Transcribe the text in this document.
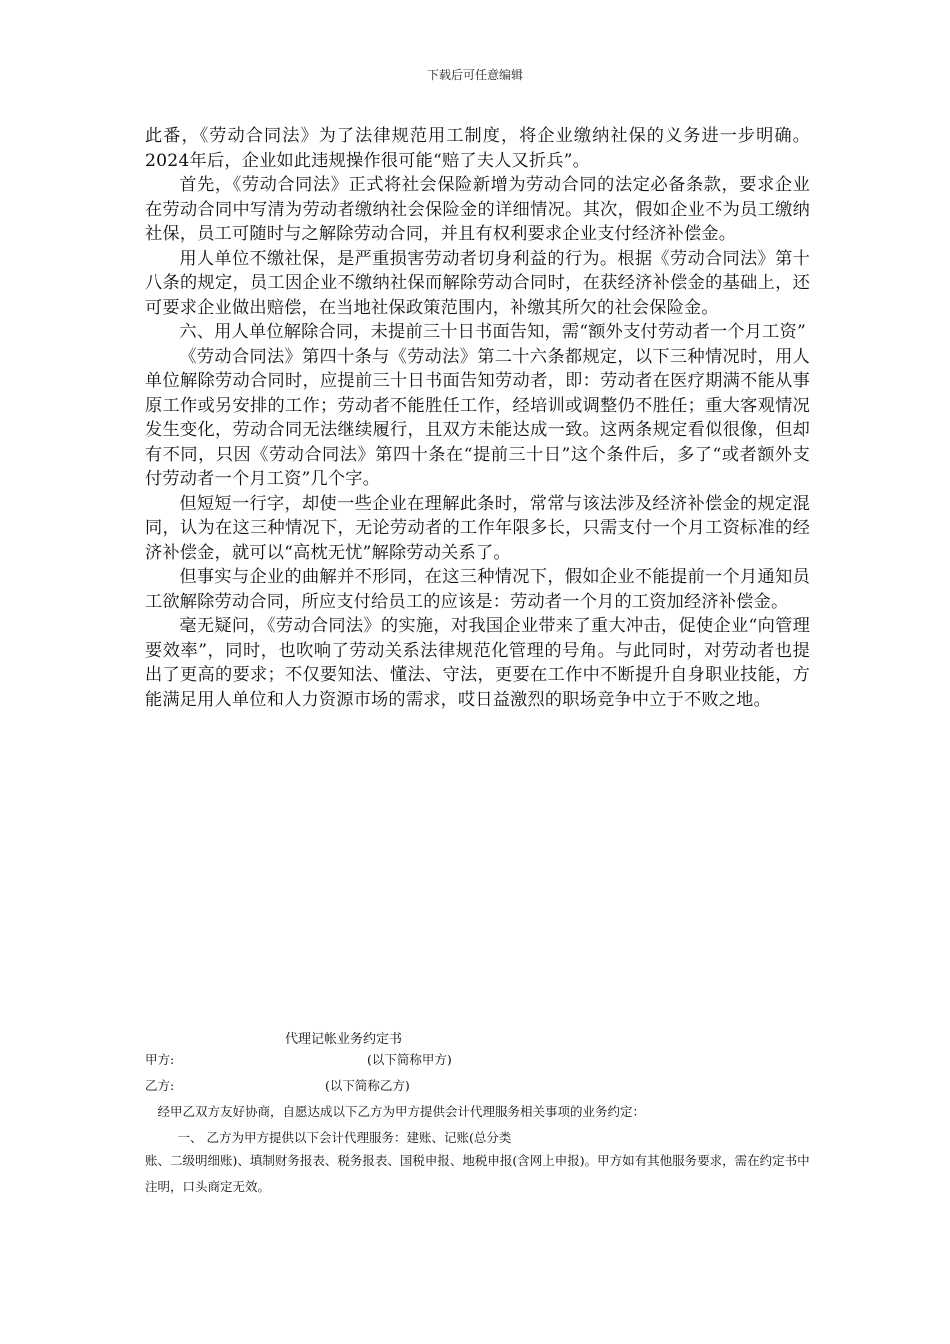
下载后可任意编辑

此番，《劳动合同法》为了法律规范用工制度，将企业缴纳社保的义务进一步明确。2024年后，企业如此违规操作很可能“赔了夫人又折兵”。

首先，《劳动合同法》正式将社会保险新增为劳动合同的法定必备条款，要求企业在劳动合同中写清为劳动者缴纳社会保险金的详细情况。其次，假如企业不为员工缴纳社保，员工可随时与之解除劳动合同，并且有权利要求企业支付经济补偿金。

用人单位不缴社保，是严重损害劳动者切身利益的行为。根据《劳动合同法》第十八条的规定，员工因企业不缴纳社保而解除劳动合同时，在获经济补偿金的基础上，还可要求企业做出赔偿，在当地社保政策范围内，补缴其所欠的社会保险金。

六、用人单位解除合同，未提前三十日书面告知，需“额外支付劳动者一个月工资”

《劳动合同法》第四十条与《劳动法》第二十六条都规定，以下三种情况时，用人单位解除劳动合同时，应提前三十日书面告知劳动者，即：劳动者在医疗期满不能从事原工作或另安排的工作；劳动者不能胜任工作，经培训或调整仍不胜任；重大客观情况发生变化，劳动合同无法继续履行，且双方未能达成一致。这两条规定看似很像，但却有不同，只因《劳动合同法》第四十条在“提前三十日”这个条件后，多了“或者额外支付劳动者一个月工资”几个字。

但短短一行字，却使一些企业在理解此条时，常常与该法涉及经济补偿金的规定混同，认为在这三种情况下，无论劳动者的工作年限多长，只需支付一个月工资标准的经济补偿金，就可以“高枕无忧”解除劳动关系了。

但事实与企业的曲解并不形同，在这三种情况下，假如企业不能提前一个月通知员工欲解除劳动合同，所应支付给员工的应该是：劳动者一个月的工资加经济补偿金。

毫无疑问，《劳动合同法》的实施，对我国企业带来了重大冲击，促使企业“向管理要效率”，同时，也吹响了劳动关系法律规范化管理的号角。与此同时，对劳动者也提出了更高的要求；不仅要知法、懂法、守法，更要在工作中不断提升自身职业技能，方能满足用人单位和人力资源市场的需求，哎日益激烈的职场竞争中立于不败之地。

代理记帐业务约定书

甲方:	(以下简称甲方)
乙方:	(以下简称乙方)

经甲乙双方友好协商，自愿达成以下乙方为甲方提供会计代理服务相关事项的业务约定：

一、 乙方为甲方提供以下会计代理服务：建账、记账(总分类

账、二级明细账)、填制财务报表、税务报表、国税申报、地税申报(含网上申报)。甲方如有其他服务要求，需在约定书中注明，口头商定无效。
